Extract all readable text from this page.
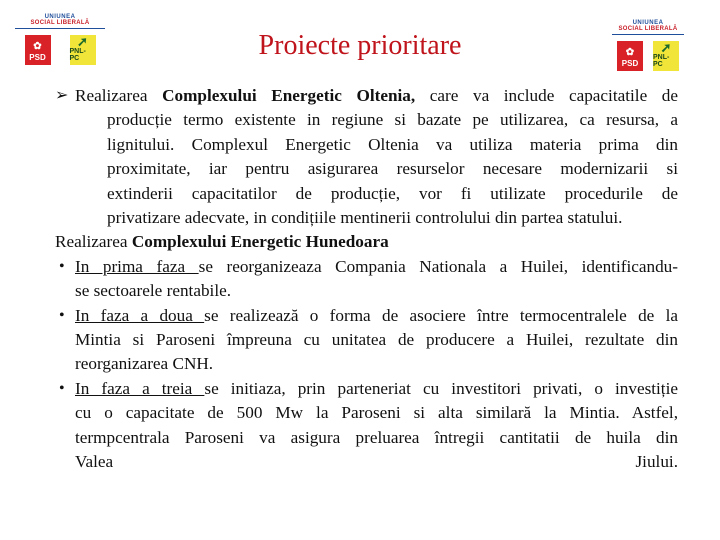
UNIUNEA
SOCIAL LIBERALĂ
✿
PSD
➚
PNL-PC
UNIUNEA
SOCIAL LIBERALĂ
✿
PSD
➚
PNL-PC
Proiecte prioritare
➢ Realizarea Complexului Energetic Oltenia, care va include capacitatile de
producție termo existente in regiune si bazate pe utilizarea, ca resursa, a
lignitului. Complexul Energetic Oltenia va utiliza materia prima din
proximitate, iar pentru asigurarea resurselor necesare modernizarii si
extinderii capacitatilor de producție, vor fi utilizate procedurile de
privatizare adecvate, in condițiile mentinerii controlului din partea statului.
Realizarea Complexului Energetic Hunedoara
• In prima faza se reorganizeaza Compania Nationala a Huilei, identificandu-
se sectoarele rentabile.
• In faza a doua se realizează o forma de asociere între termocentralele de la
Mintia si Paroseni împreuna cu unitatea de producere a Huilei, rezultate din
reorganizarea CNH.
• In faza a treia se initiaza, prin parteneriat cu investitori privati, o investiție
cu o capacitate de 500 Mw la Paroseni si alta similară la Mintia. Astfel,
termpcentrala Paroseni va asigura preluarea întregii cantitatii de huila din
Valea Jiului.
